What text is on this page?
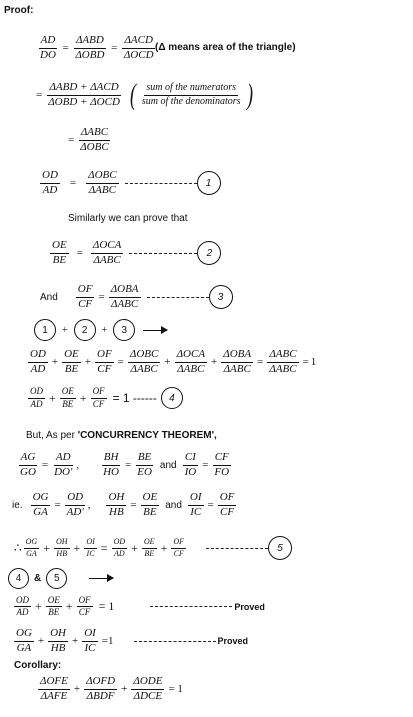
Proof:
$\frac{AD}{DO} = \frac{\text{ΔABD}}{\text{ΔOBD}} = \frac{\text{ΔACD}}{\text{ΔOCD}} (\Delta$ means area of the triangle)
= $\frac{\text{ΔABD + ΔACD}}{\text{ΔOBD + ΔOCD}}$ ( $\frac{\text{sum of the numerators}}{\text{sum of the denominators}}$ )
= $\frac{\text{ΔABC}}{\text{ΔOBC}}$
$\frac{OD}{AD} = \frac{\text{ΔOBC}}{\text{ΔABC}}$	1
Similarly we can prove that
$\frac{OE}{BE} = \frac{\text{ΔOCA}}{\text{ΔABC}}$	2
And $\frac{OF}{CF} = \frac{\text{ΔOBA}}{\text{ΔABC}}$	3
1	+	2	+	3
$\frac{OD}{AD} + \frac{OE}{BE} + \frac{OF}{CF} = \frac{\text{ΔOBC}}{\text{ΔABC}} + \frac{\text{ΔOCA}}{\text{ΔABC}} + \frac{\text{ΔOBA}}{\text{ΔABC}} = \frac{\text{ΔABC}}{\text{ΔABC}} = 1$
$\frac{OD}{AD} + \frac{OE}{BE} + \frac{OF}{CF} = 1$ ------	4
But, As per 'CONCURRENCY THEOREM',
$\frac{AG}{GO} = \frac{AD}{DO'}$ , $\frac{BH}{HO} = \frac{BE}{EO}$ and $\frac{CI}{IO} = \frac{CF}{FO}$
ie. $\frac{OG}{GA} = \frac{OD}{AD'}$ , $\frac{OH}{HB} = \frac{OE}{BE}$ and $\frac{OI}{IC} = \frac{OF}{CF}$
∴ $\frac{OG}{GA} + \frac{OH}{HB} + \frac{OI}{IC} = \frac{OD}{AD} + \frac{OE}{BE} + \frac{OF}{CF}$	5
4	&	5
$\frac{OD}{AD} + \frac{OE}{BE} + \frac{OF}{CF} = 1$	Proved
$\frac{OG}{GA} + \frac{OH}{HB} + \frac{OI}{IC} =1$	Proved
Corollary:
$\frac{\text{ΔOFE}}{\text{ΔAFE}} + \frac{\text{ΔOFD}}{\text{ΔBDF}} + \frac{\text{ΔODE}}{\text{ΔDCE}} = 1$
